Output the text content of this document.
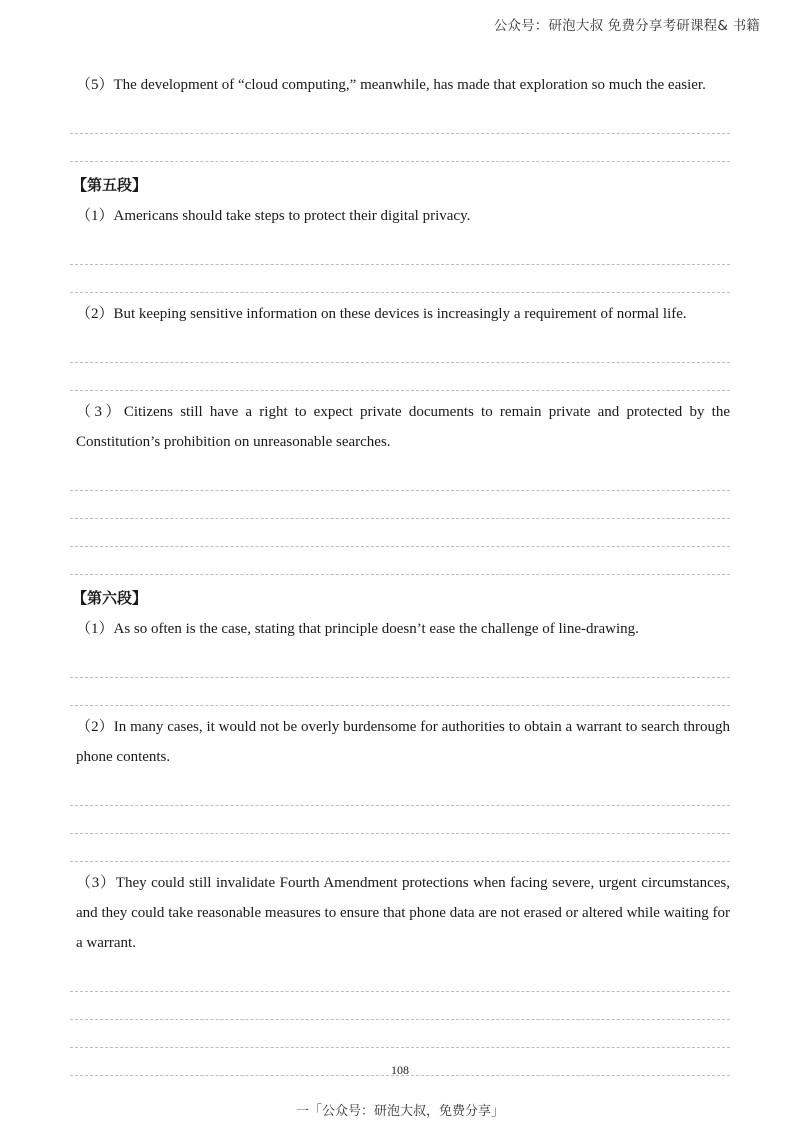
公众号：研泡大叔 免费分享考研课程& 书籍

（5）The development of “cloud computing,” meanwhile, has made that exploration so much the easier.

【第五段】

（1）Americans should take steps to protect their digital privacy.

（2）But keeping sensitive information on these devices is increasingly a requirement of normal life.

（3）Citizens still have a right to expect private documents to remain private and protected by the Constitution’s prohibition on unreasonable searches.

【第六段】

（1）As so often is the case, stating that principle doesn’t ease the challenge of line-drawing.

（2）In many cases, it would not be overly burdensome for authorities to obtain a warrant to search through phone contents.

（3）They could still invalidate Fourth Amendment protections when facing severe, urgent circumstances, and they could take reasonable measures to ensure that phone data are not erased or altered while waiting for a warrant.

108
一「公众号：研泡大叔，免费分享」
